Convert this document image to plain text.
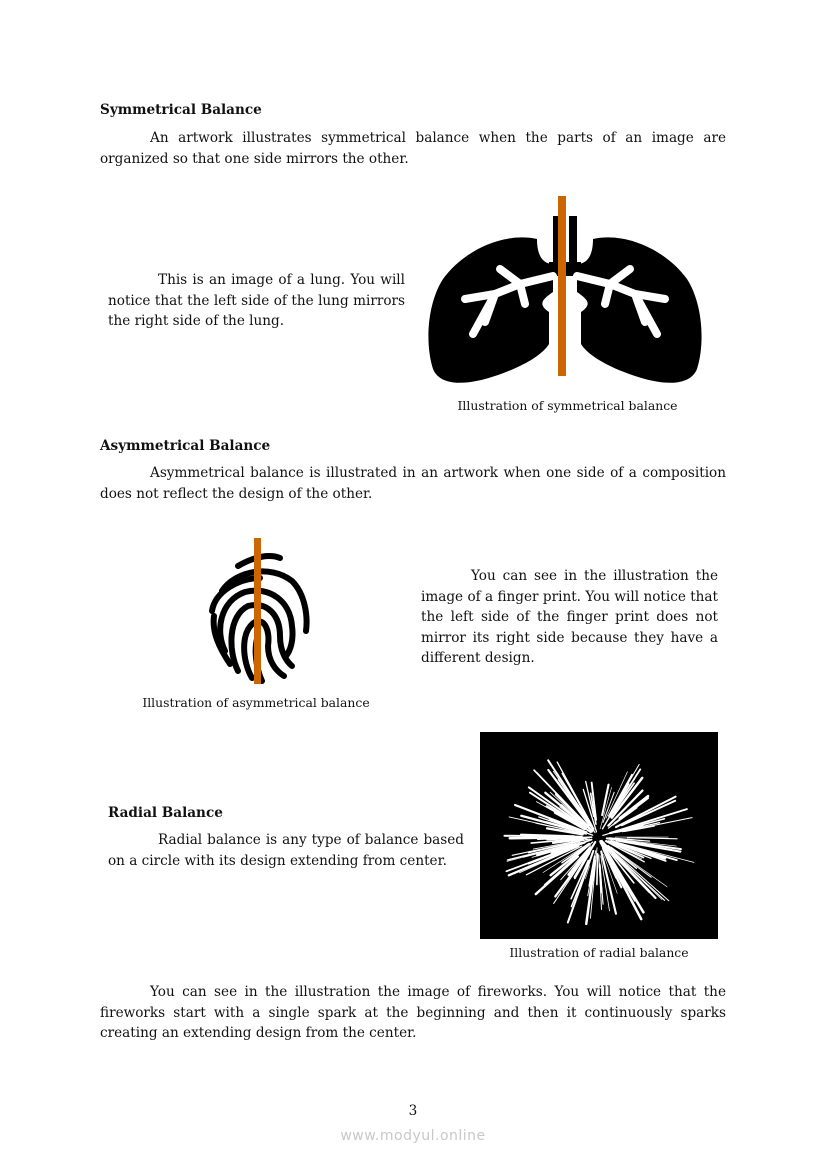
Symmetrical Balance

An artwork illustrates symmetrical balance when the parts of an image are organized so that one side mirrors the other.

This is an image of a lung. You will notice that the left side of the lung mirrors the right side of the lung.

Illustration of symmetrical balance
Asymmetrical Balance

Asymmetrical balance is illustrated in an artwork when one side of a composition does not reflect the design of the other.

Illustration of asymmetrical balance

You can see in the illustration the image of a finger print. You will notice that the left side of the finger print does not mirror its right side because they have a different design.

Radial Balance

Radial balance is any type of balance based on a circle with its design extending from center.

Illustration of radial balance

You can see in the illustration the image of fireworks. You will notice that the fireworks start with a single spark at the beginning and then it continuously sparks creating an extending design from the center.

3
www.modyul.online
